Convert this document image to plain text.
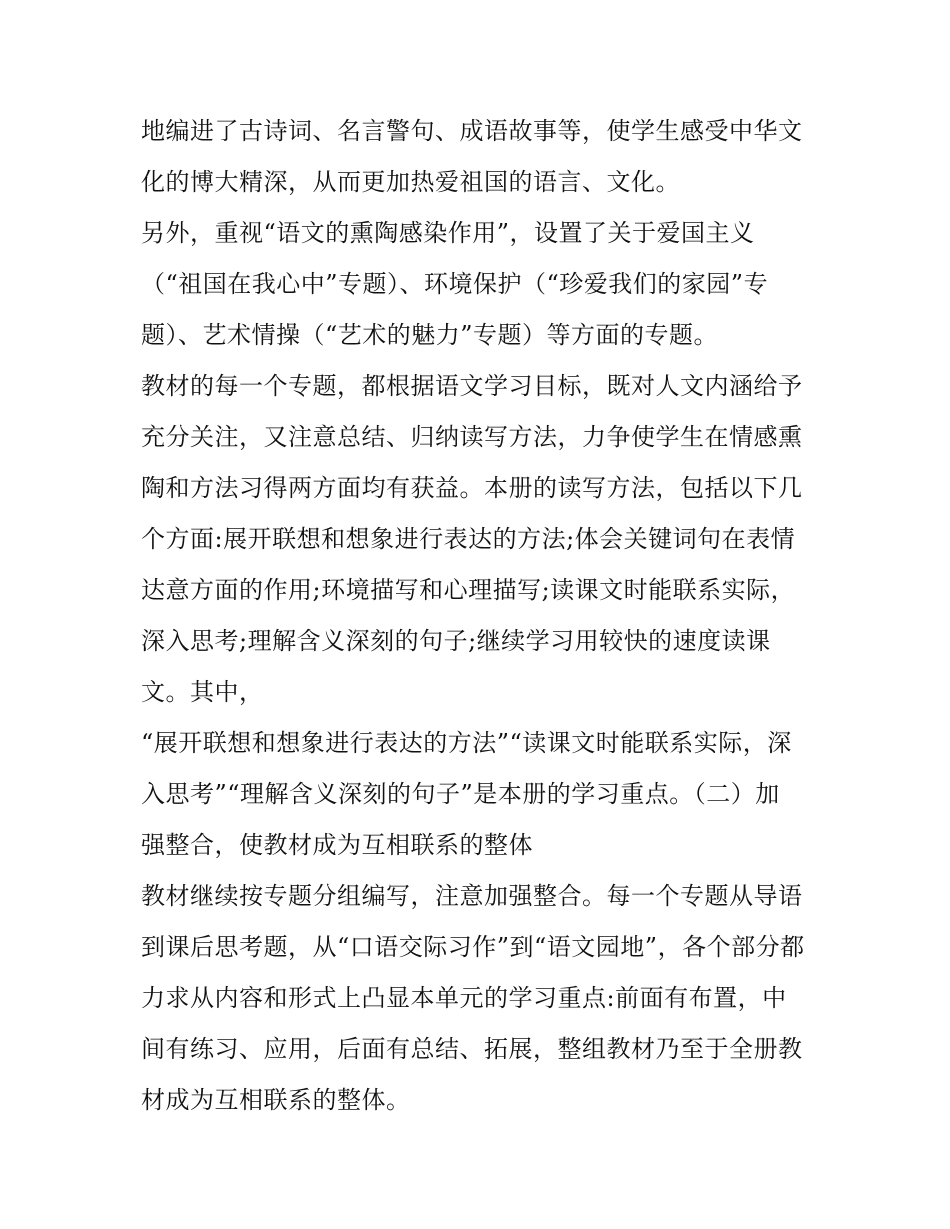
地编进了古诗词、名言警句、成语故事等，使学生感受中华文
化的博大精深，从而更加热爱祖国的语言、文化。
另外，重视“语文的熏陶感染作用”，设置了关于爱国主义
（“祖国在我心中”专题）、环境保护（“珍爱我们的家园”专
题）、艺术情操（“艺术的魅力”专题）等方面的专题。
教材的每一个专题，都根据语文学习目标，既对人文内涵给予
充分关注，又注意总结、归纳读写方法，力争使学生在情感熏
陶和方法习得两方面均有获益。本册的读写方法，包括以下几
个方面:展开联想和想象进行表达的方法;体会关键词句在表情
达意方面的作用;环境描写和心理描写;读课文时能联系实际，
深入思考;理解含义深刻的句子;继续学习用较快的速度读课
文。其中，
“展开联想和想象进行表达的方法”“读课文时能联系实际，深
入思考”“理解含义深刻的句子”是本册的学习重点。（二）加
强整合，使教材成为互相联系的整体
教材继续按专题分组编写，注意加强整合。每一个专题从导语
到课后思考题，从“口语交际习作”到“语文园地”，各个部分都
力求从内容和形式上凸显本单元的学习重点:前面有布置，中
间有练习、应用，后面有总结、拓展，整组教材乃至于全册教
材成为互相联系的整体。
